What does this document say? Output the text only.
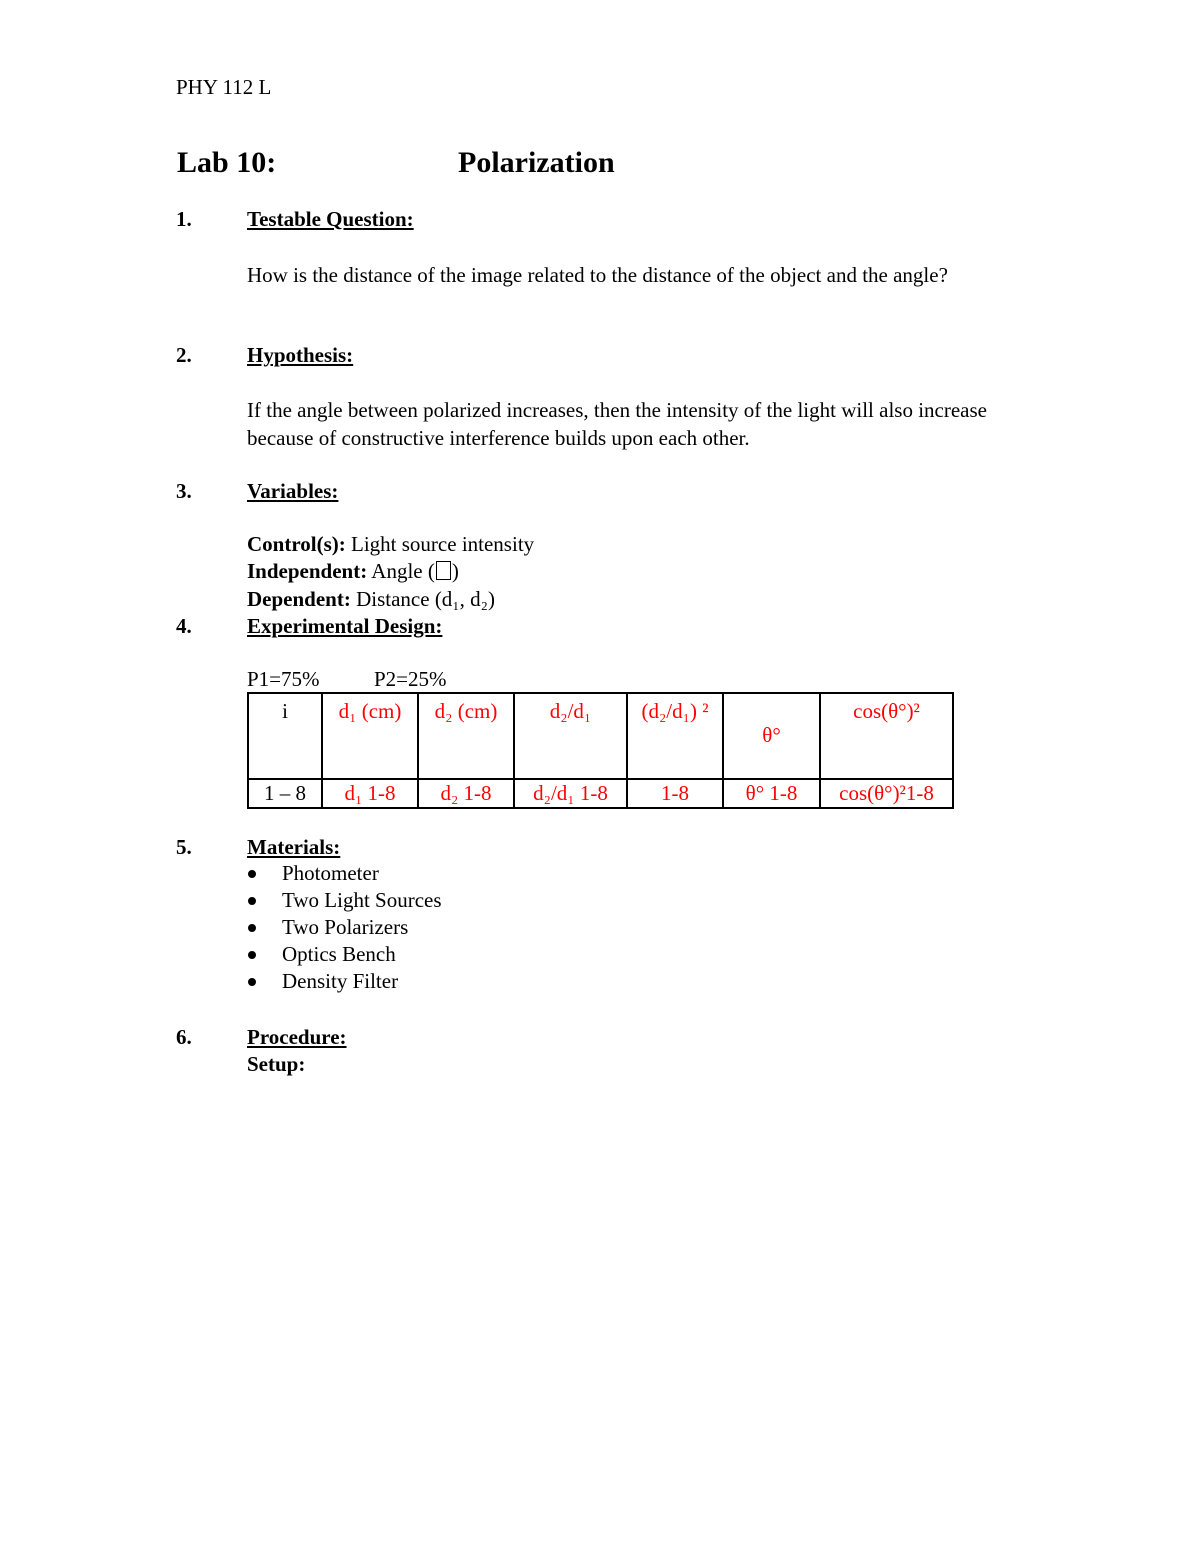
PHY 112 L
Lab 10:	Polarization
1.	Testable Question:
How is the distance of the image related to the distance of the object and the angle?
2.	Hypothesis:
If the angle between polarized increases, then the intensity of the light will also increase because of constructive interference builds upon each other.
3.	Variables:
Control(s): Light source intensity
Independent: Angle ( )
Dependent: Distance (d₁, d₂)
4.	Experimental Design:
P1=75%	P2=25%
i	d₁ (cm)	d₂ (cm)	d₂/d₁	(d₂/d₁) ²	θ°	cos(θ°)²
1 – 8	d₁ 1-8	d₂ 1-8	d₂/d₁ 1-8	1-8	θ° 1-8	cos(θ°)²1-8
5.	Materials:
Photometer
Two Light Sources
Two Polarizers
Optics Bench
Density Filter
6.	Procedure:
Setup:
